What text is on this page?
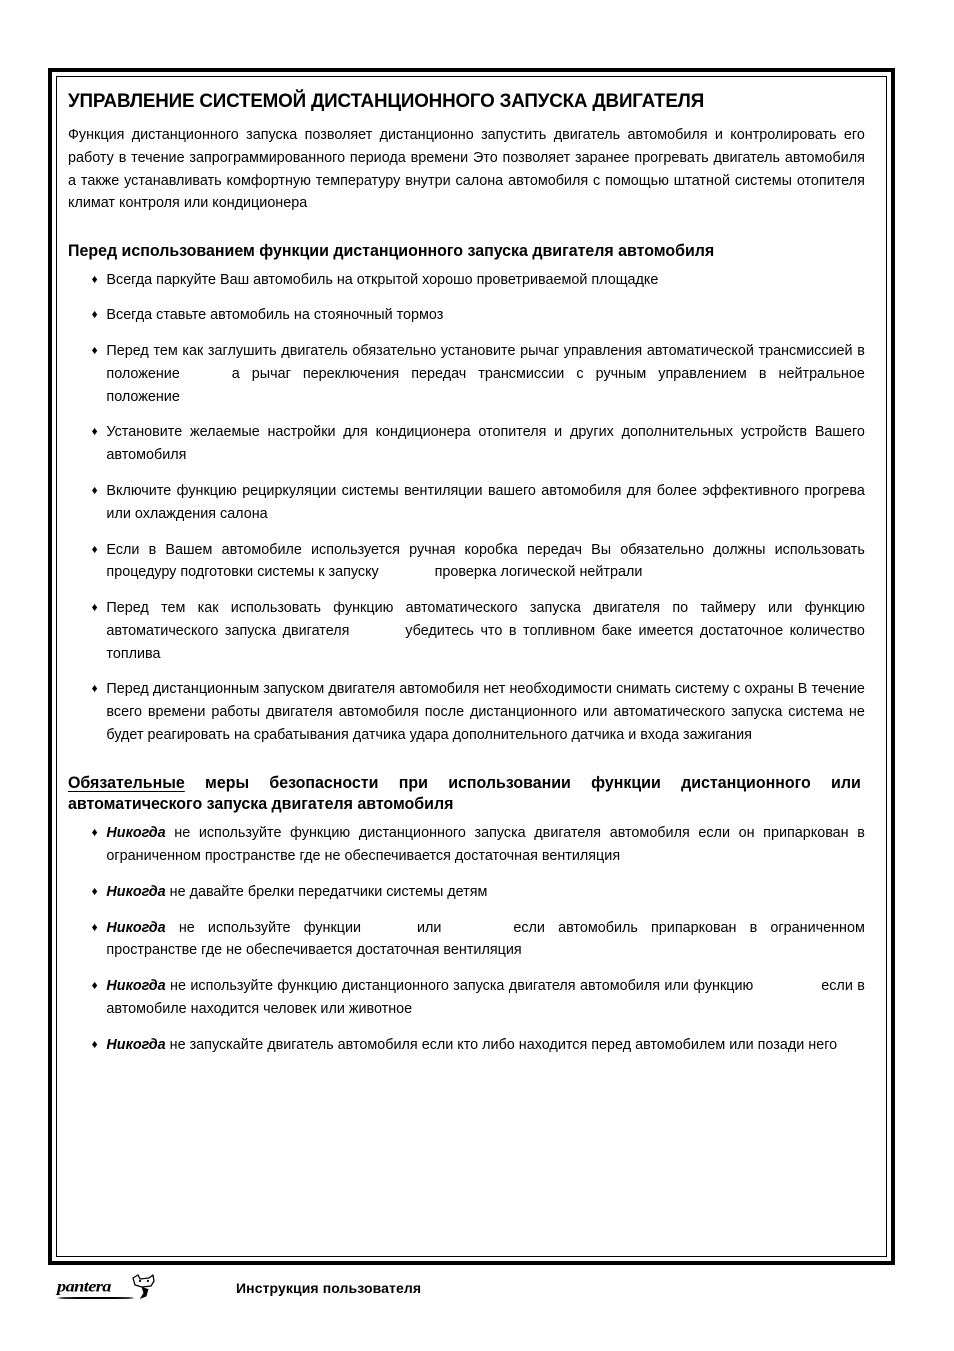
УПРАВЛЕНИЕ СИСТЕМОЙ ДИСТАНЦИОННОГО ЗАПУСКА ДВИГАТЕЛЯ

Функция дистанционного запуска позволяет дистанционно запустить двигатель автомобиля и контролировать его работу в течение запрограммированного периода времени Это позволяет заранее прогревать двигатель автомобиля а также устанавливать комфортную температуру внутри салона автомобиля с помощью штатной системы отопителя климат контроля или кондиционера

Перед использованием функции дистанционного запуска двигателя автомобиля
♦ Всегда паркуйте Ваш автомобиль на открытой хорошо проветриваемой площадке
♦ Всегда ставьте автомобиль на стояночный тормоз
♦ Перед тем как заглушить двигатель обязательно установите рычаг управления автоматической трансмиссией в положение	а рычаг переключения передач трансмиссии с ручным управлением в нейтральное положение
♦ Установите желаемые настройки для кондиционера отопителя и других дополнительных устройств Вашего автомобиля
♦ Включите функцию рециркуляции системы вентиляции вашего автомобиля для более эффективного прогрева или охлаждения салона
♦ Если в Вашем автомобиле используется ручная коробка передач Вы обязательно должны использовать процедуру подготовки системы к запуску	проверка логической нейтрали
♦ Перед тем как использовать функцию автоматического запуска двигателя по таймеру или функцию автоматического запуска двигателя	убедитесь что в топливном баке имеется достаточное количество топлива
♦ Перед дистанционным запуском двигателя автомобиля нет необходимости снимать систему с охраны В течение всего времени работы двигателя автомобиля после дистанционного или автоматического запуска система не будет реагировать на срабатывания датчика удара дополнительного датчика и входа зажигания
Обязательные меры безопасности при использовании функции дистанционного или автоматического запуска двигателя автомобиля
♦ Никогда не используйте функцию дистанционного запуска двигателя автомобиля если он припаркован в ограниченном пространстве где не обеспечивается достаточная вентиляция
♦ Никогда не давайте брелки передатчики системы детям
♦ Никогда не используйте функции	или	если автомобиль припаркован в ограниченном пространстве где не обеспечивается достаточная вентиляция
♦ Никогда не используйте функцию дистанционного запуска двигателя автомобиля или функцию	если в автомобиле находится человек или животное
♦ Никогда не запускайте двигатель автомобиля если кто либо находится перед автомобилем или позади него
pantera	Инструкция пользователя
